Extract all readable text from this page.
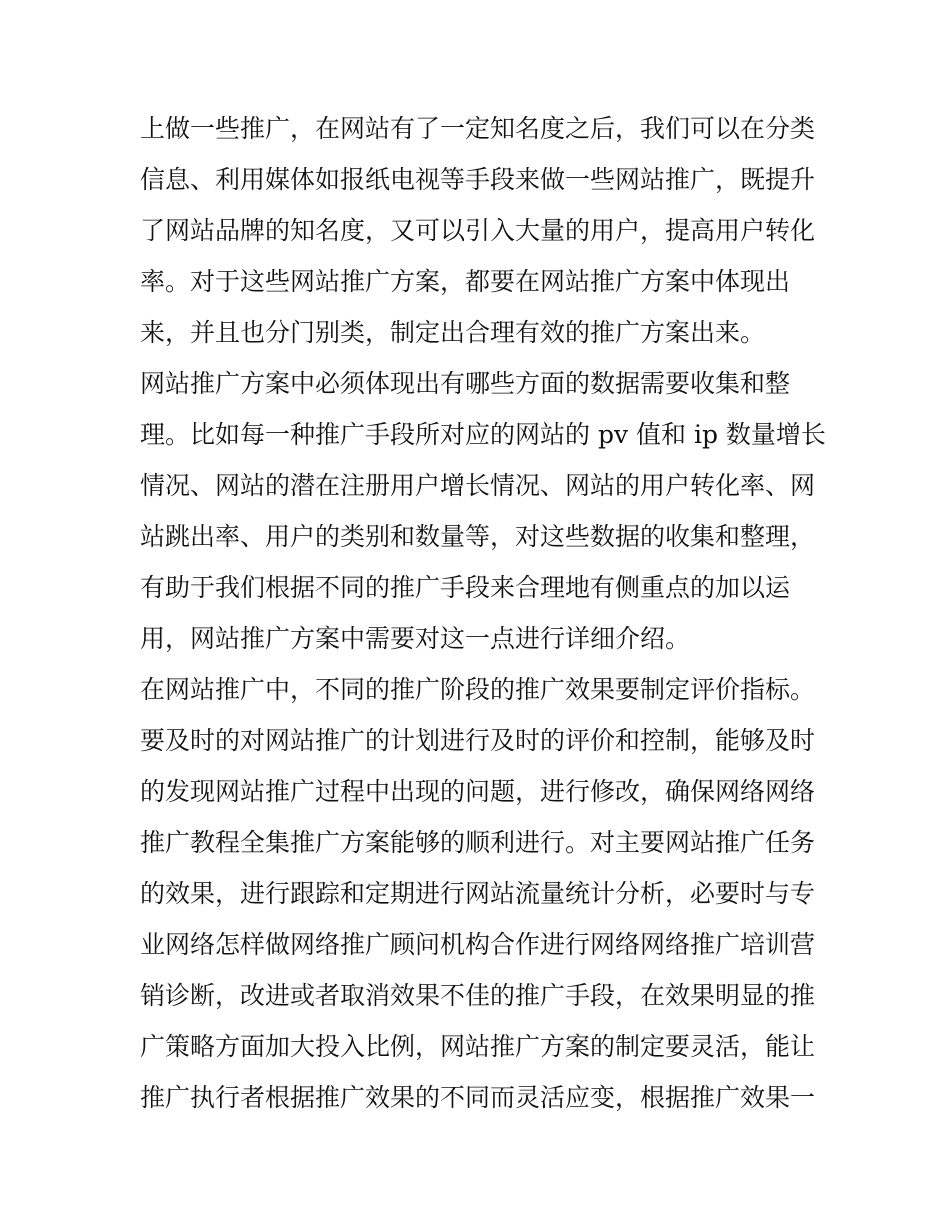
上做一些推广，在网站有了一定知名度之后，我们可以在分类
信息、利用媒体如报纸电视等手段来做一些网站推广，既提升
了网站品牌的知名度，又可以引入大量的用户，提高用户转化
率。对于这些网站推广方案，都要在网站推广方案中体现出
来，并且也分门别类，制定出合理有效的推广方案出来。
网站推广方案中必须体现出有哪些方面的数据需要收集和整
理。比如每一种推广手段所对应的网站的 pv 值和 ip 数量增长
情况、网站的潜在注册用户增长情况、网站的用户转化率、网
站跳出率、用户的类别和数量等，对这些数据的收集和整理，
有助于我们根据不同的推广手段来合理地有侧重点的加以运
用，网站推广方案中需要对这一点进行详细介绍。
在网站推广中，不同的推广阶段的推广效果要制定评价指标。
要及时的对网站推广的计划进行及时的评价和控制，能够及时
的发现网站推广过程中出现的问题，进行修改，确保网络网络
推广教程全集推广方案能够的顺利进行。对主要网站推广任务
的效果，进行跟踪和定期进行网站流量统计分析，必要时与专
业网络怎样做网络推广顾问机构合作进行网络网络推广培训营
销诊断，改进或者取消效果不佳的推广手段，在效果明显的推
广策略方面加大投入比例，网站推广方案的制定要灵活，能让
推广执行者根据推广效果的不同而灵活应变，根据推广效果一
